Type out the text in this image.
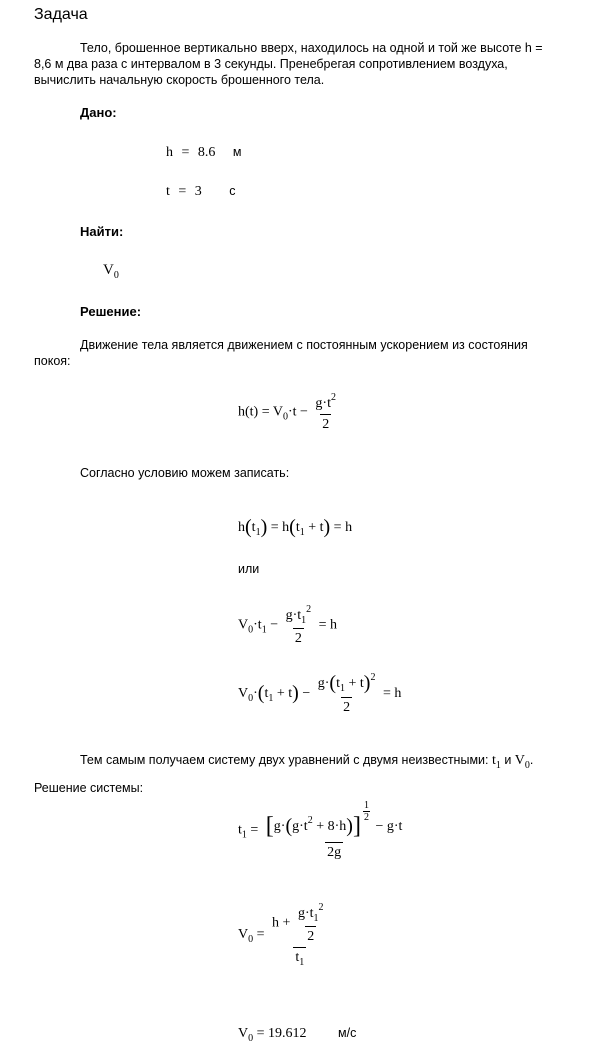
Задача
Тело, брошенное вертикально вверх, находилось на одной и той же высоте h =
8,6 м два раза с интервалом в 3 секунды. Пренебрегая сопротивлением воздуха,
вычислить начальную скорость брошенного тела.
Дано:
h = 8.6 м
t = 3 с
Найти:
$V_0$
Решение:
Движение тела является движением с постоянным ускорением из состояния
покоя:
$h(t) = V_0\cdot t - \frac{g\cdot t^2}{2}$
Согласно условию можем записать:
$h(t_1) = h(t_1 + t) = h$
или
$V_0\cdot t_1 - \frac{g\cdot t_1^2}{2} = h$
$V_0\cdot(t_1 + t) - \frac{g\cdot(t_1 + t)^2}{2} = h$
Тем самым получаем систему двух уравнений с двумя неизвестными: $t_1$ и $V_0$.
Решение системы:
$t_1 = [g\cdot(g\cdot t^2 + 8\cdot h)]$
$\frac{1}{2}$
− g·t
2g
$V_0 = \frac{h + \frac{g\cdot t_1^2}{2}}{t_1}$
$V_0 = 19.612$	м/с
